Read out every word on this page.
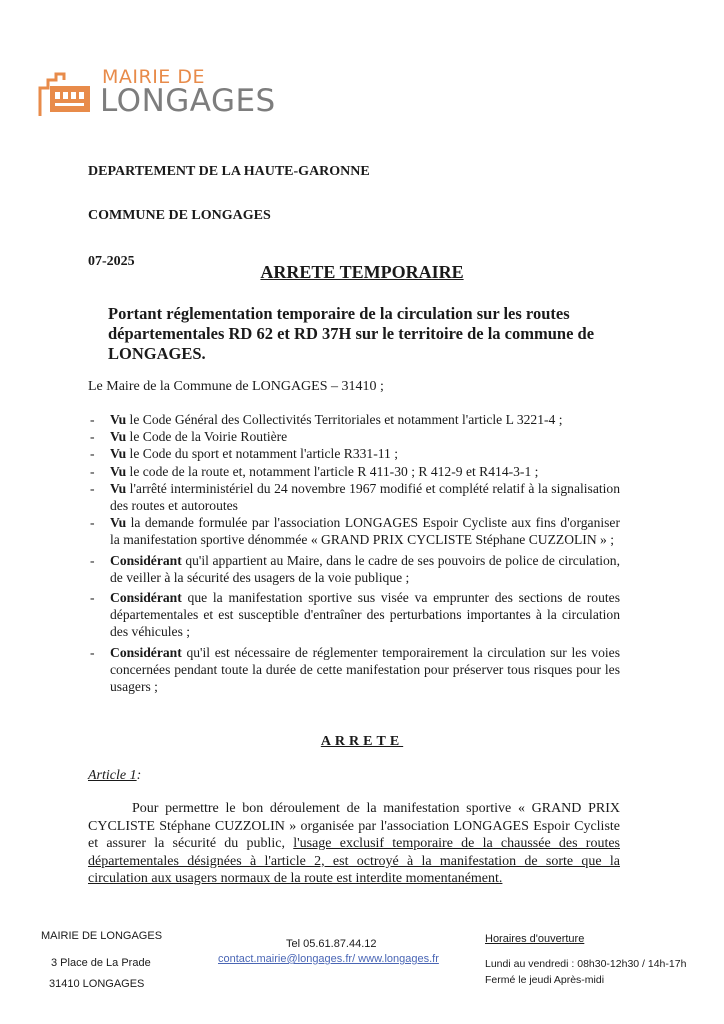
MAIRIE DE
LONGAGES
DEPARTEMENT DE LA HAUTE-GARONNE
COMMUNE DE LONGAGES
07-2025
ARRETE TEMPORAIRE
Portant réglementation temporaire de la circulation sur les routes départementales RD 62 et RD 37H sur le territoire de la commune de LONGAGES.
Le Maire de la Commune de LONGAGES – 31410 ;
- Vu le Code Général des Collectivités Territoriales et notamment l'article L 3221-4 ;
- Vu le Code de la Voirie Routière
- Vu le Code du sport et notamment l'article R331-11 ;
- Vu le code de la route et, notamment l'article R 411-30 ; R 412-9 et R414-3-1 ;
- Vu l'arrêté interministériel du 24 novembre 1967 modifié et complété relatif à la signalisation des routes et autoroutes
- Vu la demande formulée par l'association LONGAGES Espoir Cycliste aux fins d'organiser la manifestation sportive dénommée « GRAND PRIX CYCLISTE Stéphane CUZZOLIN » ;
- Considérant qu'il appartient au Maire, dans le cadre de ses pouvoirs de police de circulation, de veiller à la sécurité des usagers de la voie publique ;
- Considérant que la manifestation sportive sus visée va emprunter des sections de routes départementales et est susceptible d'entraîner des perturbations importantes à la circulation des véhicules ;
- Considérant qu'il est nécessaire de réglementer temporairement la circulation sur les voies concernées pendant toute la durée de cette manifestation pour préserver tous risques pour les usagers ;
ARRETE
Article 1:
Pour permettre le bon déroulement de la manifestation sportive « GRAND PRIX CYCLISTE Stéphane CUZZOLIN » organisée par l'association LONGAGES Espoir Cycliste et assurer la sécurité du public, l'usage exclusif temporaire de la chaussée des routes départementales désignées à l'article 2, est octroyé à la manifestation de sorte que la circulation aux usagers normaux de la route est interdite momentanément.
MAIRIE DE LONGAGES
3 Place de La Prade
31410 LONGAGES
Tel 05.61.87.44.12
contact.mairie@longages.fr/ www.longages.fr
Horaires d'ouverture
Lundi au vendredi : 08h30-12h30 / 14h-17h
Fermé le jeudi Après-midi
